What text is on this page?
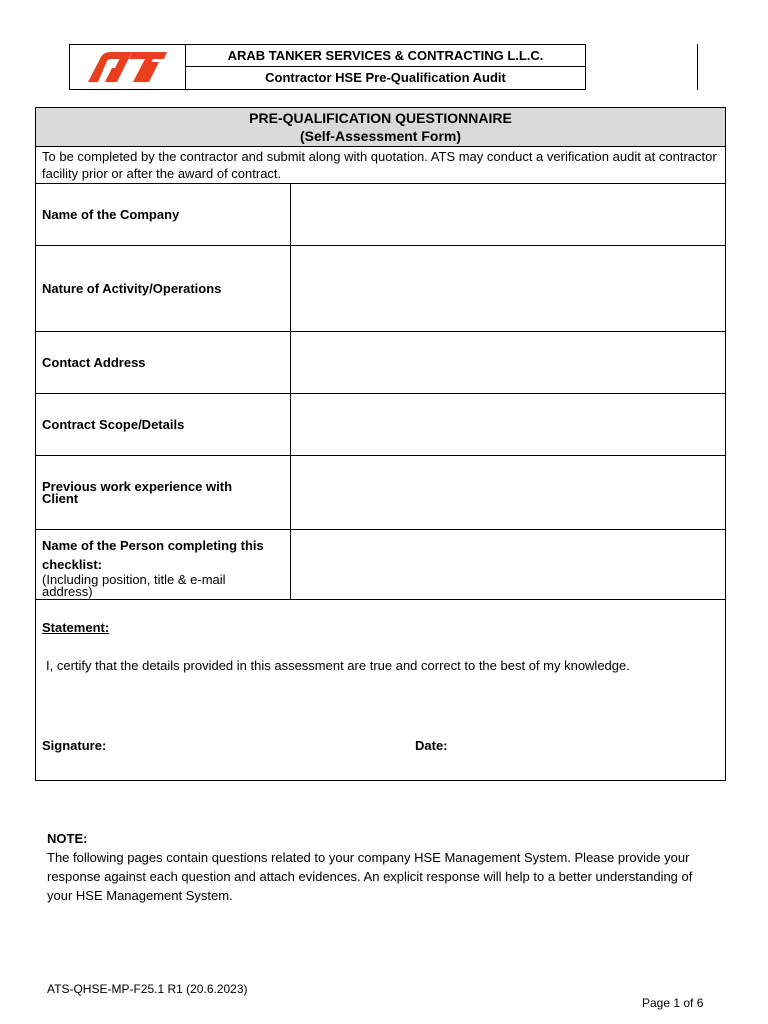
ARAB TANKER SERVICES & CONTRACTING L.L.C.
Contractor HSE Pre-Qualification Audit
PRE-QUALIFICATION QUESTIONNAIRE
(Self-Assessment Form)
To be completed by the contractor and submit along with quotation. ATS may conduct a verification audit at contractor facility prior or after the award of contract.
Name of the Company
Nature of Activity/Operations
Contact Address
Contract Scope/Details
Previous work experience with Client
Name of the Person completing this checklist:
(Including position, title & e-mail address)
Statement:
I, certify that the details provided in this assessment are true and correct to the best of my knowledge.
Signature:	Date:
NOTE:
The following pages contain questions related to your company HSE Management System. Please provide your response against each question and attach evidences. An explicit response will help to a better understanding of your HSE Management System.
ATS-QHSE-MP-F25.1 R1 (20.6.2023)
Page 1 of 6
